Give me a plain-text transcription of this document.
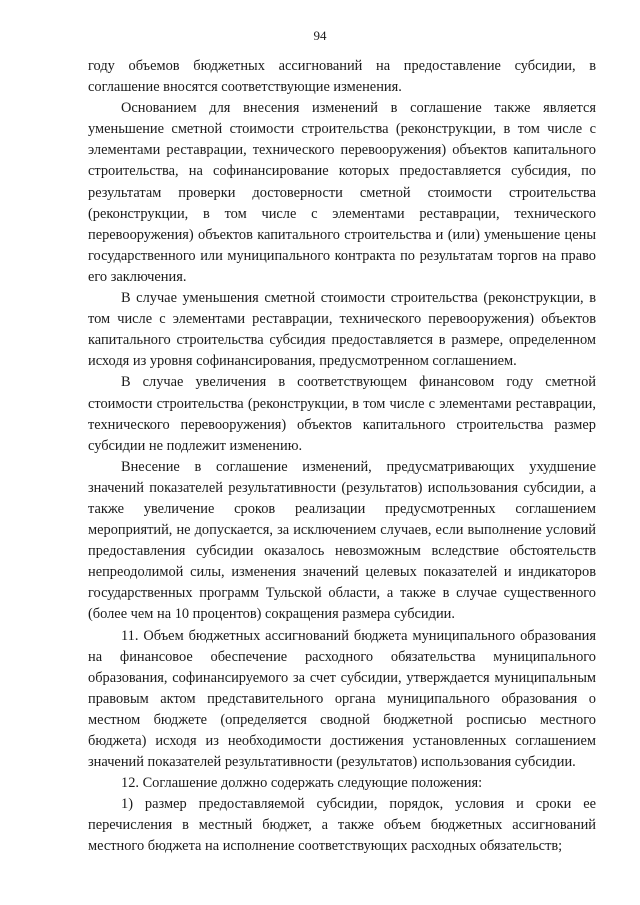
94

году объемов бюджетных ассигнований на предоставление субсидии, в соглашение вносятся соответствующие изменения.

Основанием для внесения изменений в соглашение также является уменьшение сметной стоимости строительства (реконструкции, в том числе с элементами реставрации, технического перевооружения) объектов капитального строительства, на софинансирование которых предоставляется субсидия, по результатам проверки достоверности сметной стоимости строительства (реконструкции, в том числе с элементами реставрации, технического перевооружения) объектов капитального строительства и (или) уменьшение цены государственного или муниципального контракта по результатам торгов на право его заключения.

В случае уменьшения сметной стоимости строительства (реконструкции, в том числе с элементами реставрации, технического перевооружения) объектов капитального строительства субсидия предоставляется в размере, определенном исходя из уровня софинансирования, предусмотренном соглашением.

В случае увеличения в соответствующем финансовом году сметной стоимости строительства (реконструкции, в том числе с элементами реставрации, технического перевооружения) объектов капитального строительства размер субсидии не подлежит изменению.

Внесение в соглашение изменений, предусматривающих ухудшение значений показателей результативности (результатов) использования субсидии, а также увеличение сроков реализации предусмотренных соглашением мероприятий, не допускается, за исключением случаев, если выполнение условий предоставления субсидии оказалось невозможным вследствие обстоятельств непреодолимой силы, изменения значений целевых показателей и индикаторов государственных программ Тульской области, а также в случае существенного (более чем на 10 процентов) сокращения размера субсидии.

11. Объем бюджетных ассигнований бюджета муниципального образования на финансовое обеспечение расходного обязательства муниципального образования, софинансируемого за счет субсидии, утверждается муниципальным правовым актом представительного органа муниципального образования о местном бюджете (определяется сводной бюджетной росписью местного бюджета) исходя из необходимости достижения установленных соглашением значений показателей результативности (результатов) использования субсидии.

12. Соглашение должно содержать следующие положения:

1) размер предоставляемой субсидии, порядок, условия и сроки ее перечисления в местный бюджет, а также объем бюджетных ассигнований местного бюджета на исполнение соответствующих расходных обязательств;
